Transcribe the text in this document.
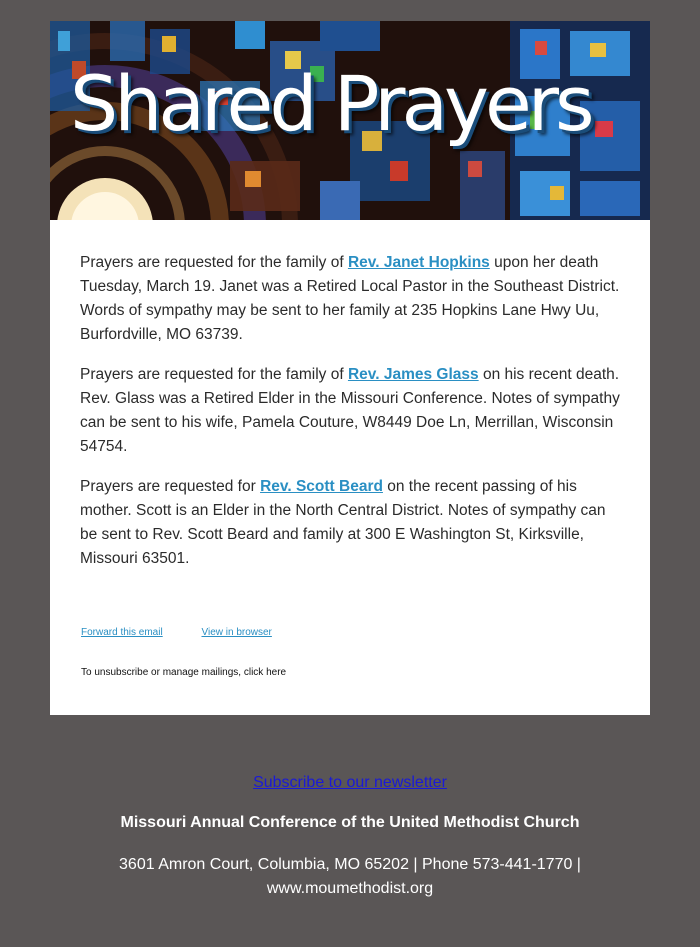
Shared Prayers

Prayers are requested for the family of Rev. Janet Hopkins upon her death Tuesday, March 19. Janet was a Retired Local Pastor in the Southeast District. Words of sympathy may be sent to her family at 235 Hopkins Lane Hwy Uu, Burfordville, MO 63739.

Prayers are requested for the family of Rev. James Glass on his recent death. Rev. Glass was a Retired Elder in the Missouri Conference. Notes of sympathy can be sent to his wife, Pamela Couture, W8449 Doe Ln, Merrillan, Wisconsin 54754.

Prayers are requested for Rev. Scott Beard on the recent passing of his mother. Scott is an Elder in the North Central District. Notes of sympathy can be sent to Rev. Scott Beard and family at 300 E Washington St, Kirksville, Missouri 63501.

Forward this email	View in browser
To unsubscribe or manage mailings, click here
Subscribe to our newsletter
Missouri Annual Conference of the United Methodist Church
3601 Amron Court, Columbia, MO 65202 | Phone 573-441-1770 |
www.moumethodist.org
